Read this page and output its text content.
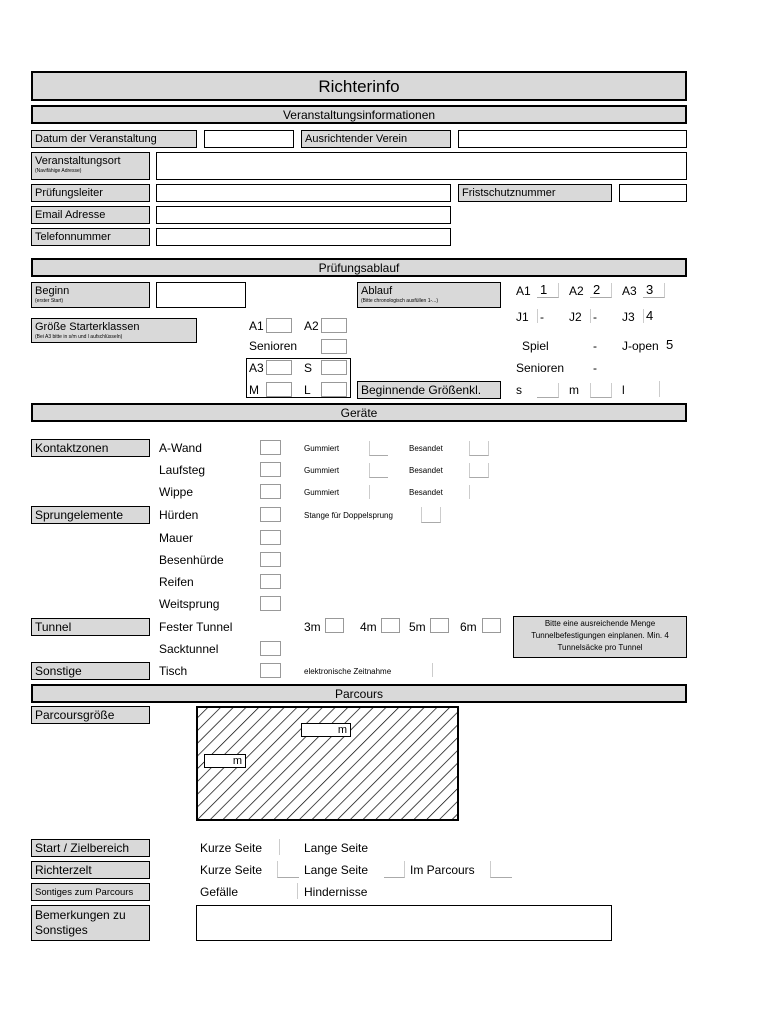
Richterinfo
Veranstaltungsinformationen
Datum der Veranstaltung	Ausrichtender Verein
Veranstaltungsort
(Navifähige Adresse)
Prüfungsleiter	Fristschutznummer
Email Adresse
Telefonnummer
Prüfungsablauf
Beginn
(erster Start)
Ablauf
(Bitte chronologisch ausfüllen 1-...)
A1 1 A2 2 A3 3
J1 - J2 - J3 4
Spiel	- J-open 5
Senioren -
Größe Starterklassen
(Bei A3 bitte in s/m und l aufschlüsseln)
A1	A2
Senioren
A3	S
M	L	Beginnende Größenkl.	s	m	l
Geräte
Kontaktzonen	A-Wand	Gummiert	Besandet
Laufsteg	Gummiert	Besandet
Wippe	Gummiert	Besandet
Sprungelemente	Hürden	Stange für Doppelsprung
Mauer
Besenhürde
Reifen
Weitsprung
Tunnel	Fester Tunnel	3m	4m	5m	6m	Bitte eine ausreichende Menge Tunnelbefestigungen einplanen. Min. 4 Tunnelsäcke pro Tunnel
Sacktunnel
Sonstige	Tisch	elektronische Zeitnahme
Parcours
Parcoursgröße
m
m
Start / Zielbereich	Kurze Seite	Lange Seite
Richterzelt	Kurze Seite	Lange Seite	Im Parcours
Sontiges zum Parcours	Gefälle	Hindernisse
Bemerkungen zu Sonstiges
